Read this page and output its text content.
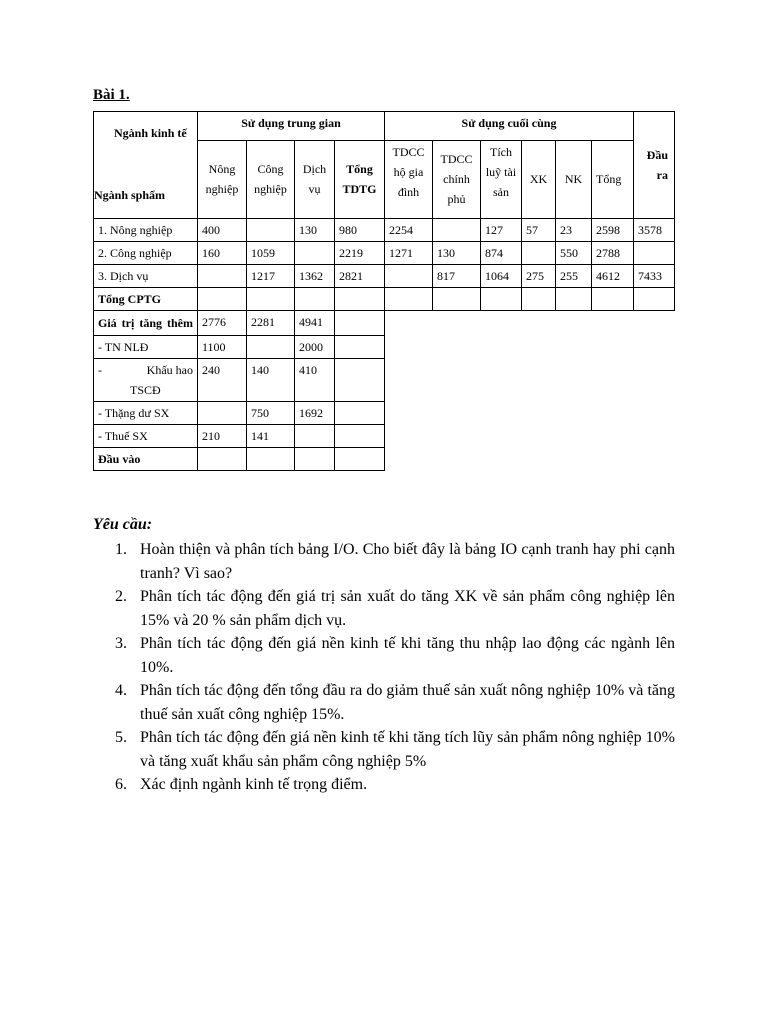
Bài 1.
Ngành kinh tế
Ngành sphẩm	Sử dụng trung gian				Sử dụng cuối cùng						Đầu ra
	Nông nghiệp	Công nghiệp	Dịch vụ	Tổng TDTG	TDCC hộ gia đình	TDCC chính phủ	Tích luỹ tài sản	XK	NK	Tổng	
1. Nông nghiệp	400		130	980	2254		127	57	23	2598	3578
2. Công nghiệp	160	1059		2219	1271	130	874		550	2788	
3. Dịch vụ		1217	1362	2821		817	1064	275	255	4612	7433
Tổng CPTG											
Giá trị tăng thêm	2776	2281	4941								
- TN NLĐ	1100		2000								

- Khấu hao
TSCĐ	240	140	410								
- Thặng dư SX		750	1692								
- Thuế SX	210	141									
Đầu vào											
Yêu cầu:
1. Hoàn thiện và phân tích bảng I/O. Cho biết đây là bảng IO cạnh tranh hay phi cạnh tranh? Vì sao?
2. Phân tích tác động đến giá trị sản xuất do tăng XK về sản phẩm công nghiệp lên 15% và 20 % sản phẩm dịch vụ.
3. Phân tích tác động đến giá nền kinh tế khi tăng thu nhập lao động các ngành lên 10%.
4. Phân tích tác động đến tổng đầu ra do giảm thuế sản xuất nông nghiệp 10% và tăng thuế sản xuất công nghiệp 15%.
5. Phân tích tác động đến giá nền kinh tế khi tăng tích lũy sản phẩm nông nghiệp 10% và tăng xuất khẩu sản phẩm công nghiệp 5%
6. Xác định ngành kinh tế trọng điểm.
